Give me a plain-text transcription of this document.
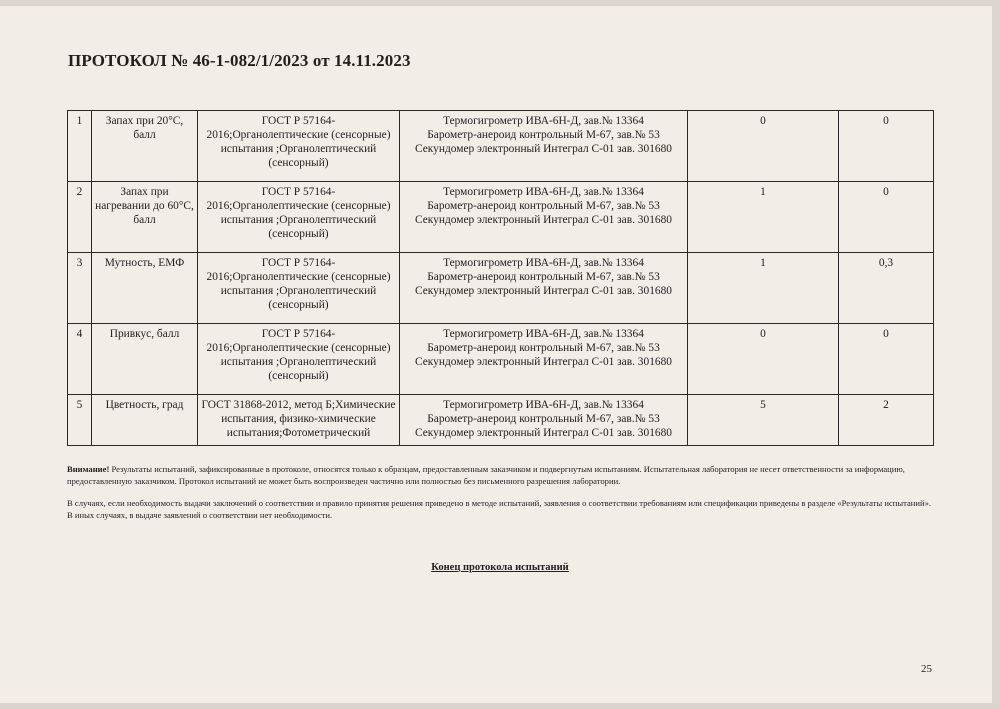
ПРОТОКОЛ № 46-1-082/1/2023 от 14.11.2023
1	Запах при 20°С, балл	ГОСТ Р 57164-2016;Органолептические (сенсорные) испытания ;Органолептический (сенсорный)	Термогигрометр ИВА-6Н-Д, зав.№ 13364
Барометр-анероид контрольный М-67, зав.№ 53
Секундомер электронный Интеграл С-01 зав. 301680	0	0
2	Запах при нагревании до 60°С, балл	ГОСТ Р 57164-2016;Органолептические (сенсорные) испытания ;Органолептический (сенсорный)	Термогигрометр ИВА-6Н-Д, зав.№ 13364
Барометр-анероид контрольный М-67, зав.№ 53
Секундомер электронный Интеграл С-01 зав. 301680	1	0
3	Мутность, ЕМФ	ГОСТ Р 57164-2016;Органолептические (сенсорные) испытания ;Органолептический (сенсорный)	Термогигрометр ИВА-6Н-Д, зав.№ 13364
Барометр-анероид контрольный М-67, зав.№ 53
Секундомер электронный Интеграл С-01 зав. 301680	1	0,3
4	Привкус, балл	ГОСТ Р 57164-2016;Органолептические (сенсорные) испытания ;Органолептический (сенсорный)	Термогигрометр ИВА-6Н-Д, зав.№ 13364
Барометр-анероид контрольный М-67, зав.№ 53
Секундомер электронный Интеграл С-01 зав. 301680	0	0
5	Цветность, град	ГОСТ 31868-2012, метод Б;Химические испытания, физико-химические испытания;Фотометрический	Термогигрометр ИВА-6Н-Д, зав.№ 13364
Барометр-анероид контрольный М-67, зав.№ 53
Секундомер электронный Интеграл С-01 зав. 301680	5	2
Внимание! Результаты испытаний, зафиксированные в протоколе, относятся только к образцам, предоставленным заказчиком и подвергнутым испытаниям. Испытательная лаборатория не несет ответственности за информацию, предоставленную заказчиком. Протокол испытаний не может быть воспроизведен частично или полностью без письменного разрешения лаборатории.
В случаях, если необходимость выдачи заключений о соответствии и правило принятия решения приведено в методе испытаний, заявления о соответствии требованиям или спецификации приведены в разделе «Результаты испытаний». В иных случаях, в выдаче заявлений о соответствии нет необходимости.
Конец протокола испытаний
25
